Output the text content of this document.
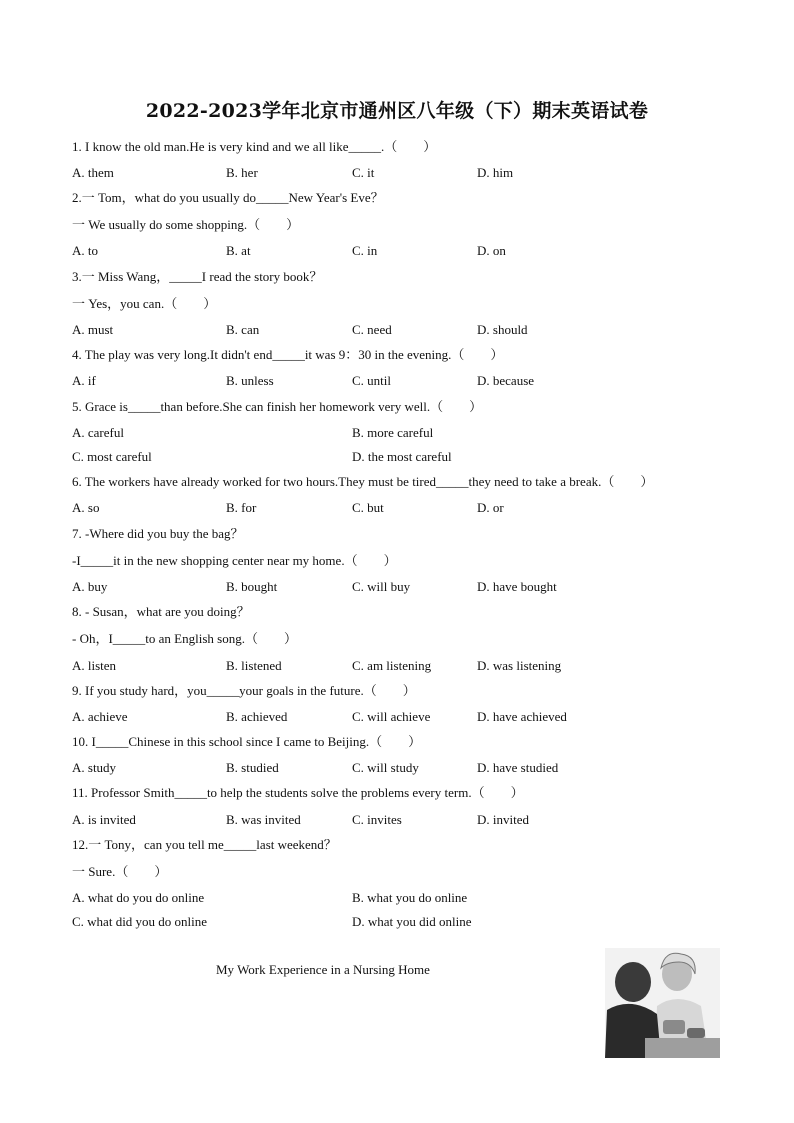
2022-2023学年北京市通州区八年级（下）期末英语试卷
1. I know the old man.He is very kind and we all like_____.（　　）
A. them	B. her	C. it	D. him
2.一 Tom，what do you usually do_____New Year's Eve？
一 We usually do some shopping.（　　）
A. to	B. at	C. in	D. on
3.一 Miss Wang，_____I read the story book？
一 Yes，you can.（　　）
A. must	B. can	C. need	D. should
4. The play was very long.It didn't end_____it was 9：30 in the evening.（　　）
A. if	B. unless	C. until	D. because
5. Grace is_____than before.She can finish her homework very well.（　　）
A. careful	B. more careful
C. most careful	D. the most careful
6. The workers have already worked for two hours.They must be tired_____they need to take a break.（　　）
A. so	B. for	C. but	D. or
7. -Where did you buy the bag？
-I_____it in the new shopping center near my home.（　　）
A. buy	B. bought	C. will buy	D. have bought
8. - Susan，what are you doing？
- Oh，I_____to an English song.（　　）
A. listen	B. listened	C. am listening	D. was listening
9. If you study hard，you_____your goals in the future.（　　）
A. achieve	B. achieved	C. will achieve	D. have achieved
10. I_____Chinese in this school since I came to Beijing.（　　）
A. study	B. studied	C. will study	D. have studied
11. Professor Smith_____to help the students solve the problems every term.（　　）
A. is invited	B. was invited	C. invites	D. invited
12.一 Tony，can you tell me_____last weekend？
一 Sure.（　　）
A. what do you do online	B. what you do online
C. what did you do online	D. what you did online
My Work Experience in a Nursing Home
